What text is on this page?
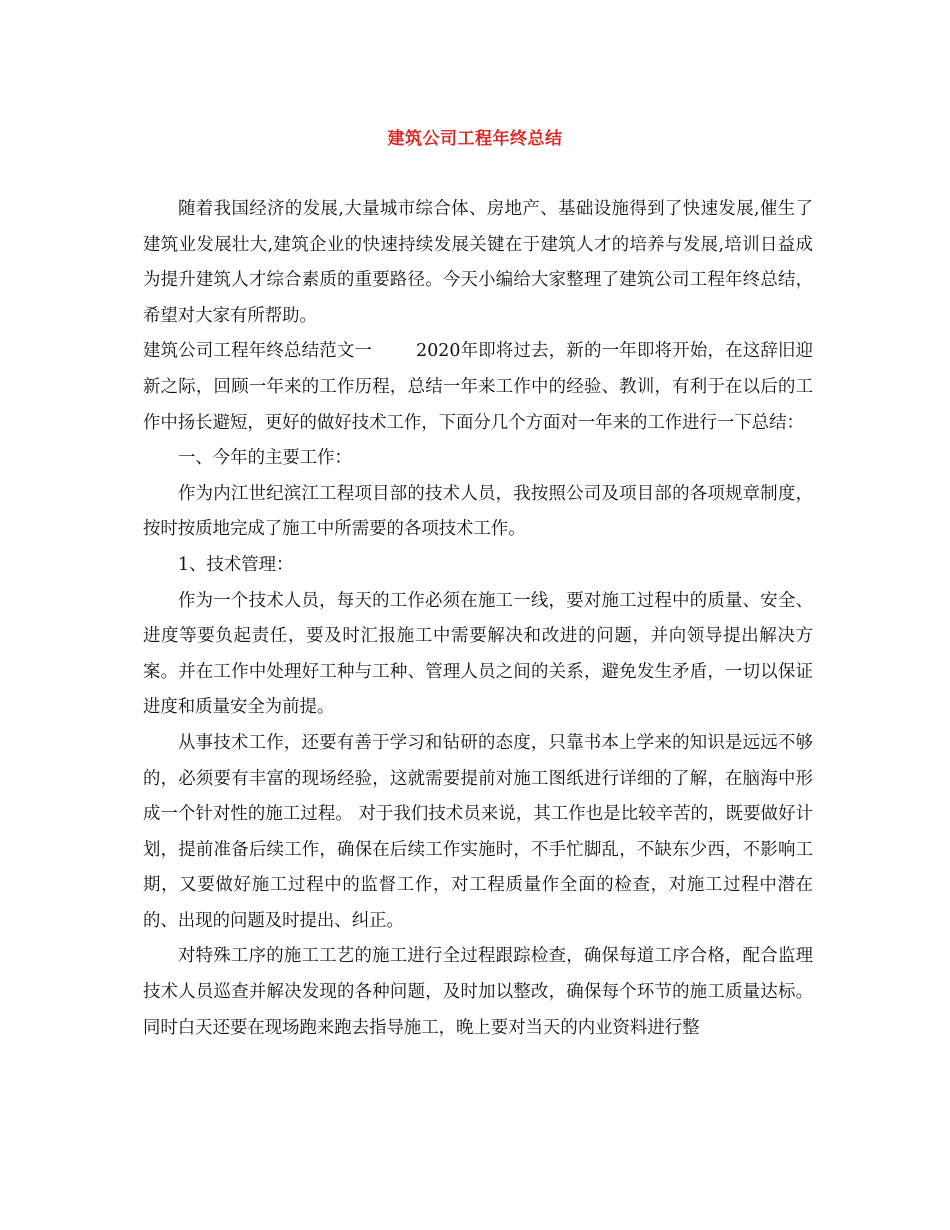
建筑公司工程年终总结

随着我国经济的发展,大量城市综合体、房地产、基础设施得到了快速发展,催生了建筑业发展壮大,建筑企业的快速持续发展关键在于建筑人才的培养与发展,培训日益成为提升建筑人才综合素质的重要路径。今天小编给大家整理了建筑公司工程年终总结，希望对大家有所帮助。

建筑公司工程年终总结范文一	2020年即将过去，新的一年即将开始，在这辞旧迎新之际，回顾一年来的工作历程，总结一年来工作中的经验、教训，有利于在以后的工作中扬长避短，更好的做好技术工作，下面分几个方面对一年来的工作进行一下总结：

一、今年的主要工作：

作为内江世纪滨江工程项目部的技术人员，我按照公司及项目部的各项规章制度，按时按质地完成了施工中所需要的各项技术工作。

1、技术管理：

作为一个技术人员，每天的工作必须在施工一线，要对施工过程中的质量、安全、进度等要负起责任，要及时汇报施工中需要解决和改进的问题，并向领导提出解决方案。并在工作中处理好工种与工种、管理人员之间的关系，避免发生矛盾，一切以保证进度和质量安全为前提。

从事技术工作，还要有善于学习和钻研的态度，只靠书本上学来的知识是远远不够的，必须要有丰富的现场经验，这就需要提前对施工图纸进行详细的了解，在脑海中形成一个针对性的施工过程。 对于我们技术员来说，其工作也是比较辛苦的，既要做好计划，提前准备后续工作，确保在后续工作实施时，不手忙脚乱，不缺东少西，不影响工期，又要做好施工过程中的监督工作，对工程质量作全面的检查，对施工过程中潜在的、出现的问题及时提出、纠正。

对特殊工序的施工工艺的施工进行全过程跟踪检查，确保每道工序合格，配合监理技术人员巡查并解决发现的各种问题，及时加以整改，确保每个环节的施工质量达标。同时白天还要在现场跑来跑去指导施工，晚上要对当天的内业资料进行整
